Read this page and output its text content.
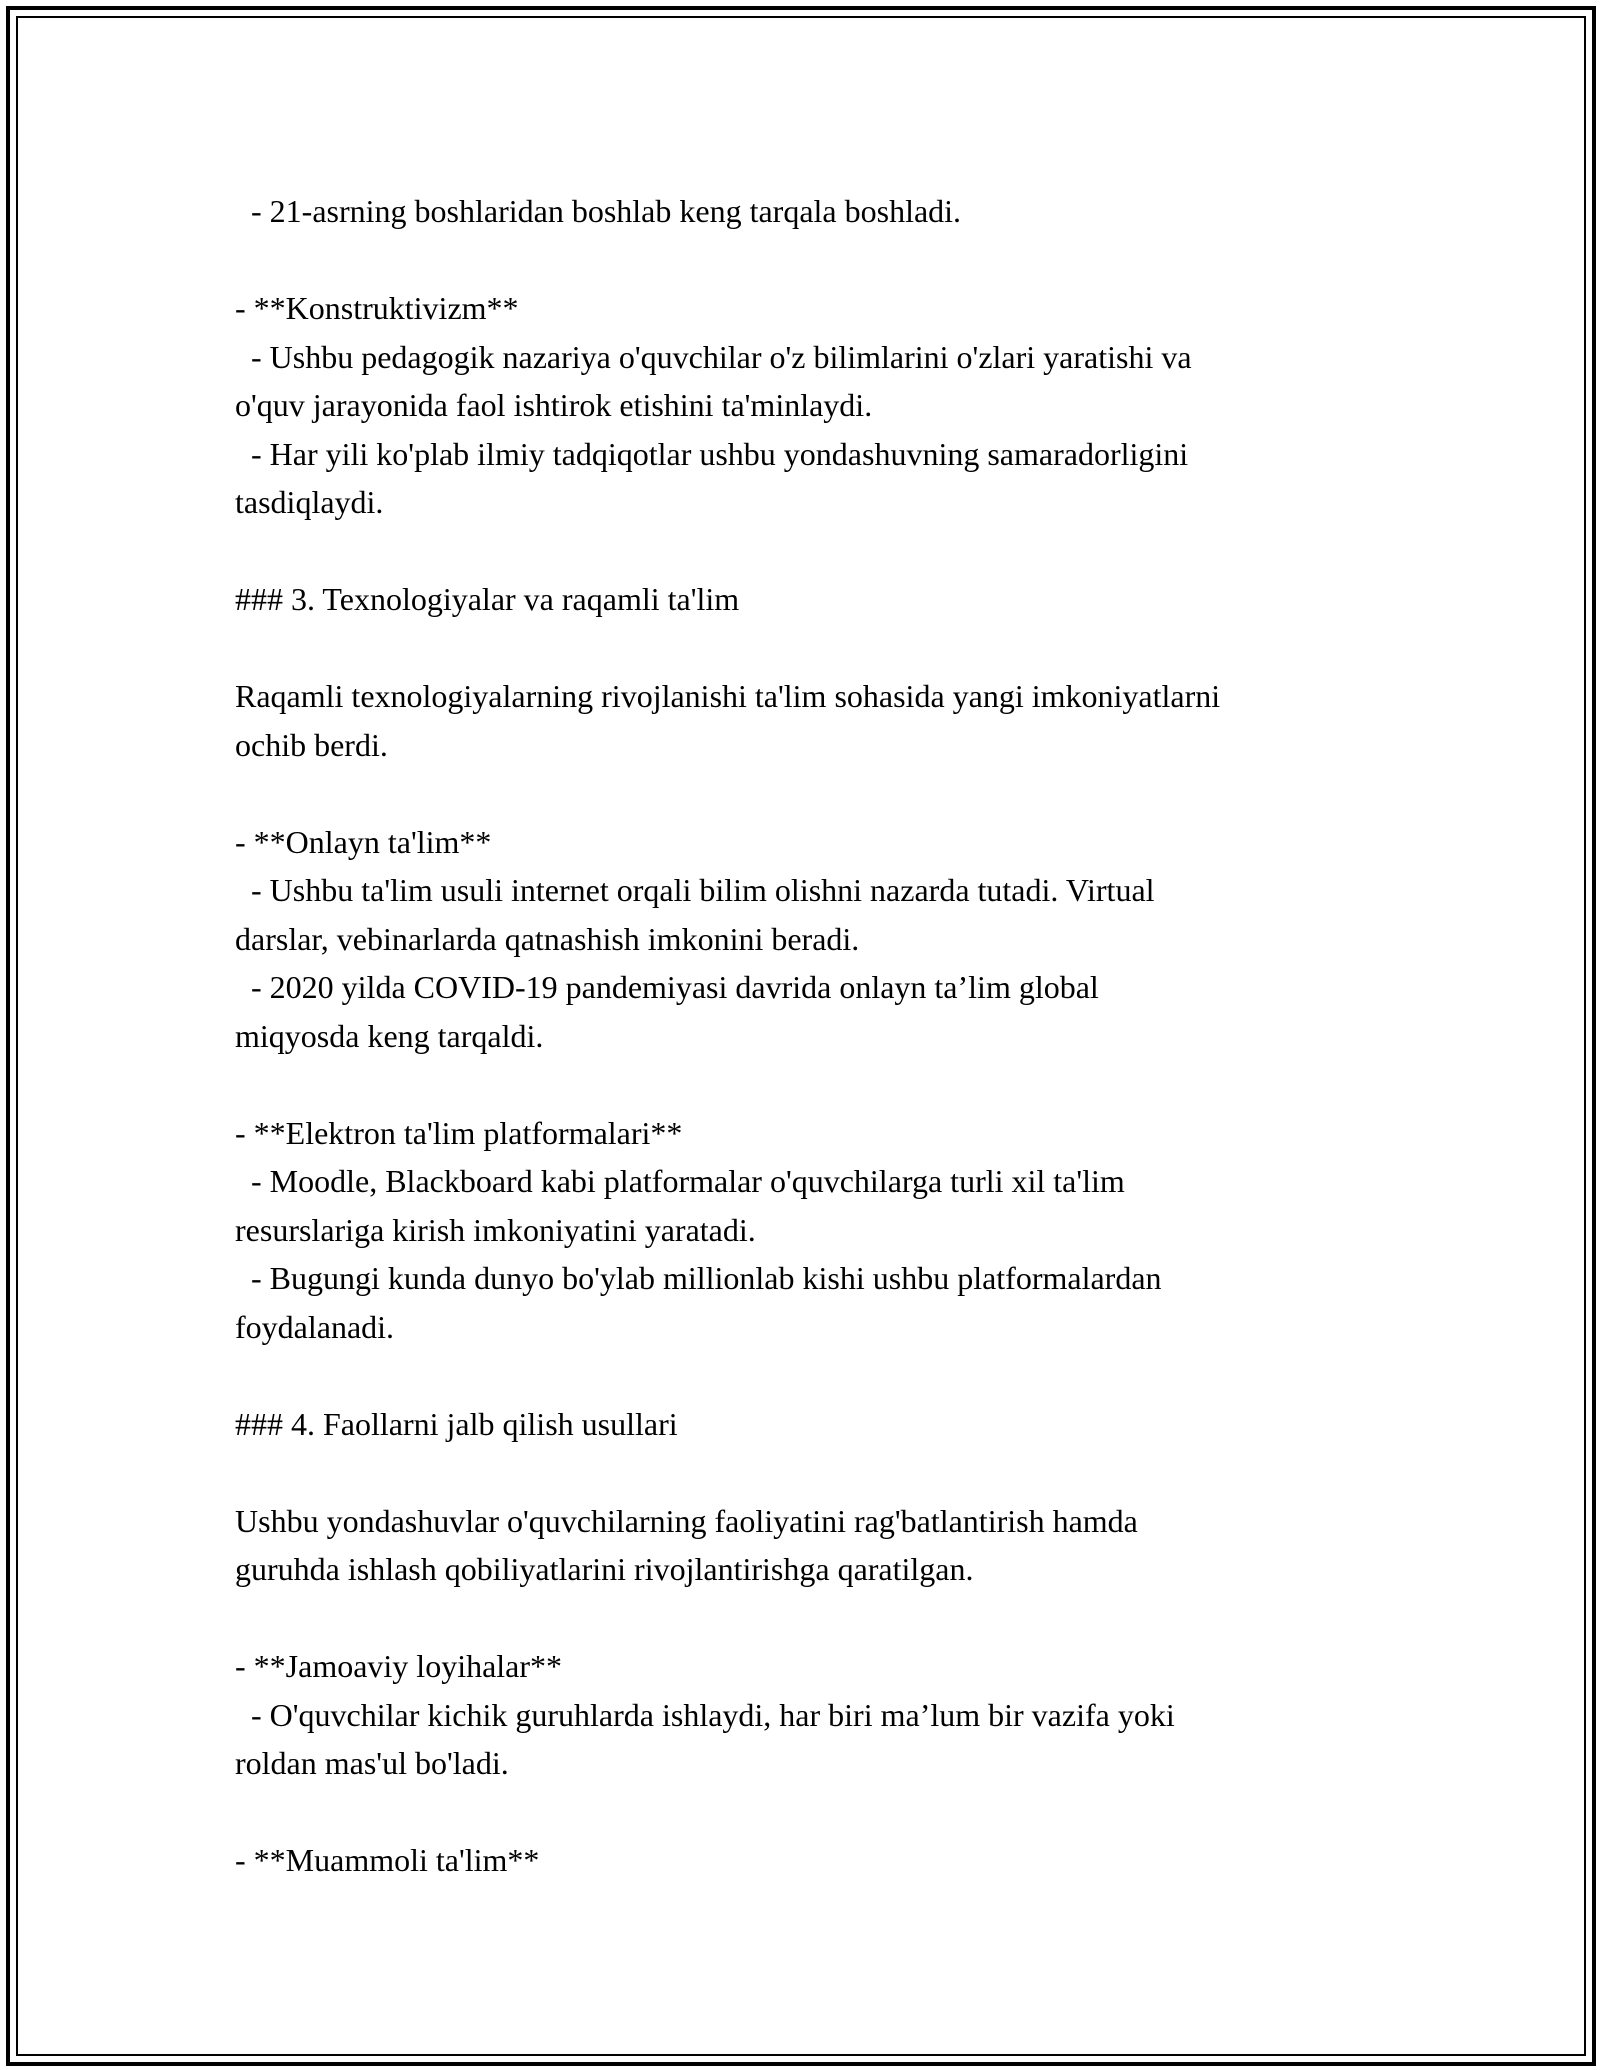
- 21-asrning boshlaridan boshlab keng tarqala boshladi.

- **Konstruktivizm**

- Ushbu pedagogik nazariya o'quvchilar o'z bilimlarini o'zlari yaratishi va

o'quv jarayonida faol ishtirok etishini ta'minlaydi.

- Har yili ko'plab ilmiy tadqiqotlar ushbu yondashuvning samaradorligini

tasdiqlaydi.

### 3. Texnologiyalar va raqamli ta'lim

Raqamli texnologiyalarning rivojlanishi ta'lim sohasida yangi imkoniyatlarni

ochib berdi.

- **Onlayn ta'lim**

- Ushbu ta'lim usuli internet orqali bilim olishni nazarda tutadi. Virtual

darslar, vebinarlarda qatnashish imkonini beradi.

- 2020 yilda COVID-19 pandemiyasi davrida onlayn ta’lim global

miqyosda keng tarqaldi.

- **Elektron ta'lim platformalari**

- Moodle, Blackboard kabi platformalar o'quvchilarga turli xil ta'lim

resurslariga kirish imkoniyatini yaratadi.

- Bugungi kunda dunyo bo'ylab millionlab kishi ushbu platformalardan

foydalanadi.

### 4. Faollarni jalb qilish usullari

Ushbu yondashuvlar o'quvchilarning faoliyatini rag'batlantirish hamda

guruhda ishlash qobiliyatlarini rivojlantirishga qaratilgan.

- **Jamoaviy loyihalar**

- O'quvchilar kichik guruhlarda ishlaydi, har biri ma’lum bir vazifa yoki

roldan mas'ul bo'ladi.

- **Muammoli ta'lim**
